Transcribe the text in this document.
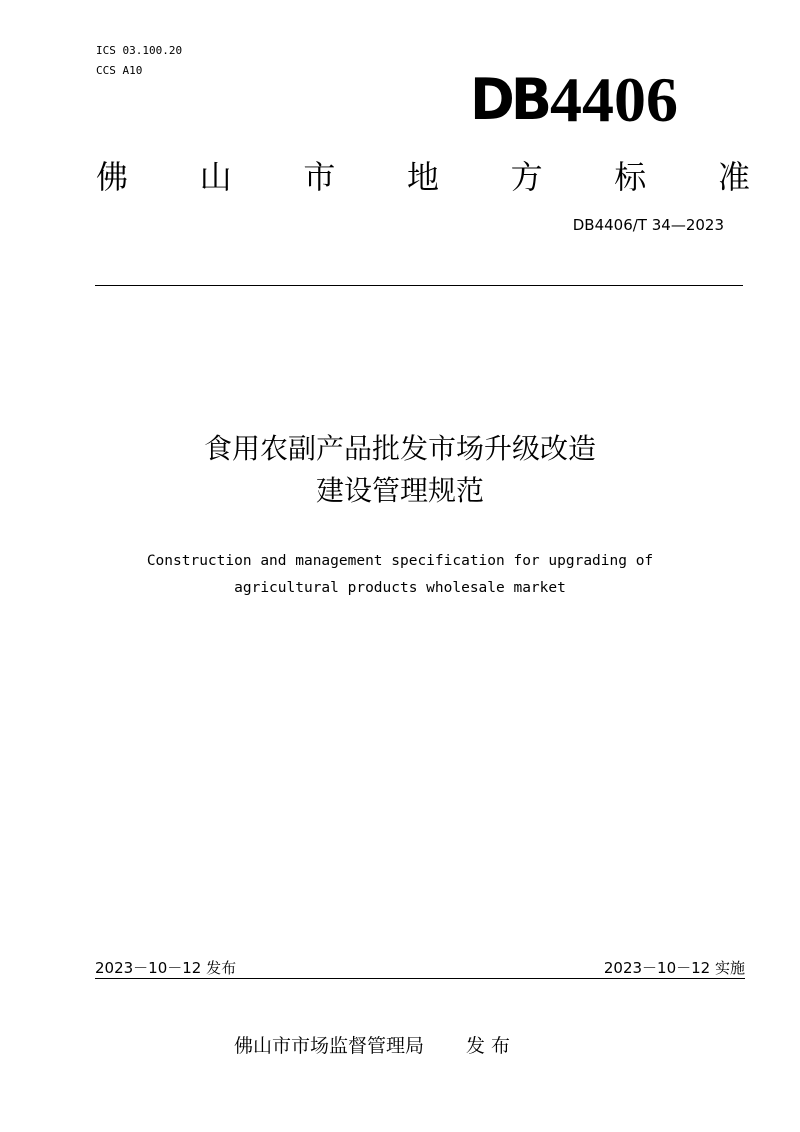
ICS 03.100.20
CCS A10	DB 4406
佛 山 市 地 方 标 准
DB4406/T 34—2023
食用农副产品批发市场升级改造
建设管理规范
Construction and management specification for upgrading of
agricultural products wholesale market
2023－10－12 发布	2023－10－12 实施
佛山市市场监督管理局 发布
